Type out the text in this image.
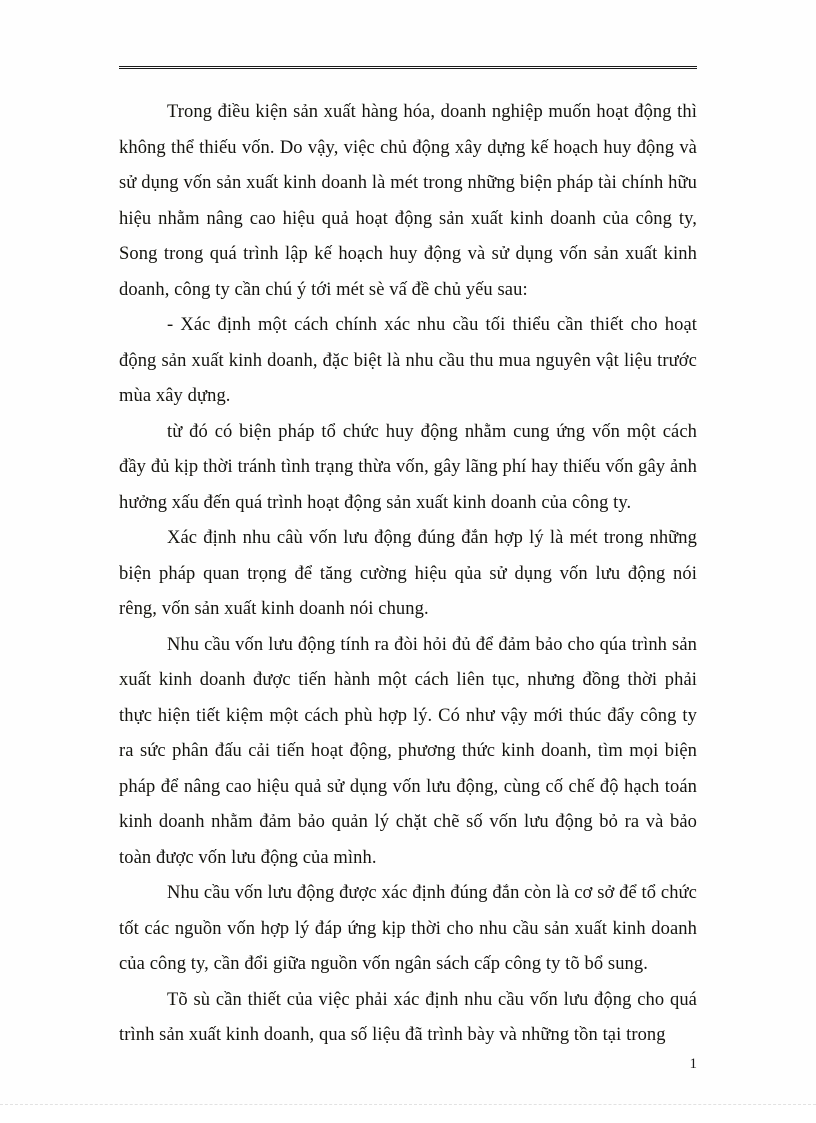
Trong điều kiện sản xuất hàng hóa, doanh nghiệp muốn hoạt động thì không thể thiếu vốn. Do vậy, việc chủ động xây dựng kế hoạch huy động và sử dụng vốn sản xuất kinh doanh là mét trong những biện pháp tài chính hữu hiệu nhằm nâng cao hiệu quả hoạt động sản xuất kinh doanh của công ty, Song trong quá trình lập kế hoạch huy động và sử dụng vốn sản xuất kinh doanh, công ty cần chú ý tới mét sè vấ đề chủ yếu sau:

- Xác định một cách chính xác nhu cầu tối thiểu cần thiết cho hoạt động sản xuất kinh doanh, đặc biệt là nhu cầu thu mua nguyên vật liệu trước mùa xây dựng.

từ đó có biện pháp tổ chức huy động nhằm cung ứng vốn một cách đầy đủ kịp thời tránh tình trạng thừa vốn, gây lãng phí hay thiếu vốn gây ảnh hưởng xấu đến quá trình hoạt động sản xuất kinh doanh của công ty.

Xác định nhu câù vốn lưu động đúng đắn hợp lý là mét trong những biện pháp quan trọng để tăng cường hiệu qủa sử dụng vốn lưu động nói rêng, vốn sản xuất kinh doanh nói chung.

Nhu cầu vốn lưu động tính ra đòi hỏi đủ để đảm bảo cho qúa trình sản xuất kinh doanh được tiến hành một cách liên tục, nhưng đồng thời phải thực hiện tiết kiệm một cách phù hợp lý. Có như vậy mới thúc đẩy công ty ra sức phân đấu cải tiến hoạt động, phương thức kinh doanh, tìm mọi biện pháp để nâng cao hiệu quả sử dụng vốn lưu động, cùng cố chế độ hạch toán kinh doanh nhằm đảm bảo quản lý chặt chẽ số vốn lưu động bỏ ra và bảo toàn được vốn lưu động của mình.

Nhu cầu vốn lưu động được xác định đúng đắn còn là cơ sở để tổ chức tốt các nguồn vốn hợp lý đáp ứng kịp thời cho nhu cầu sản xuất kinh doanh của công ty, cần đổi giữa nguồn vốn ngân sách cấp công ty tõ bổ sung.

Tõ sù cần thiết của việc phải xác định nhu cầu vốn lưu động cho quá trình sản xuất kinh doanh, qua số liệu đã trình bày và những tồn tại trong

1
